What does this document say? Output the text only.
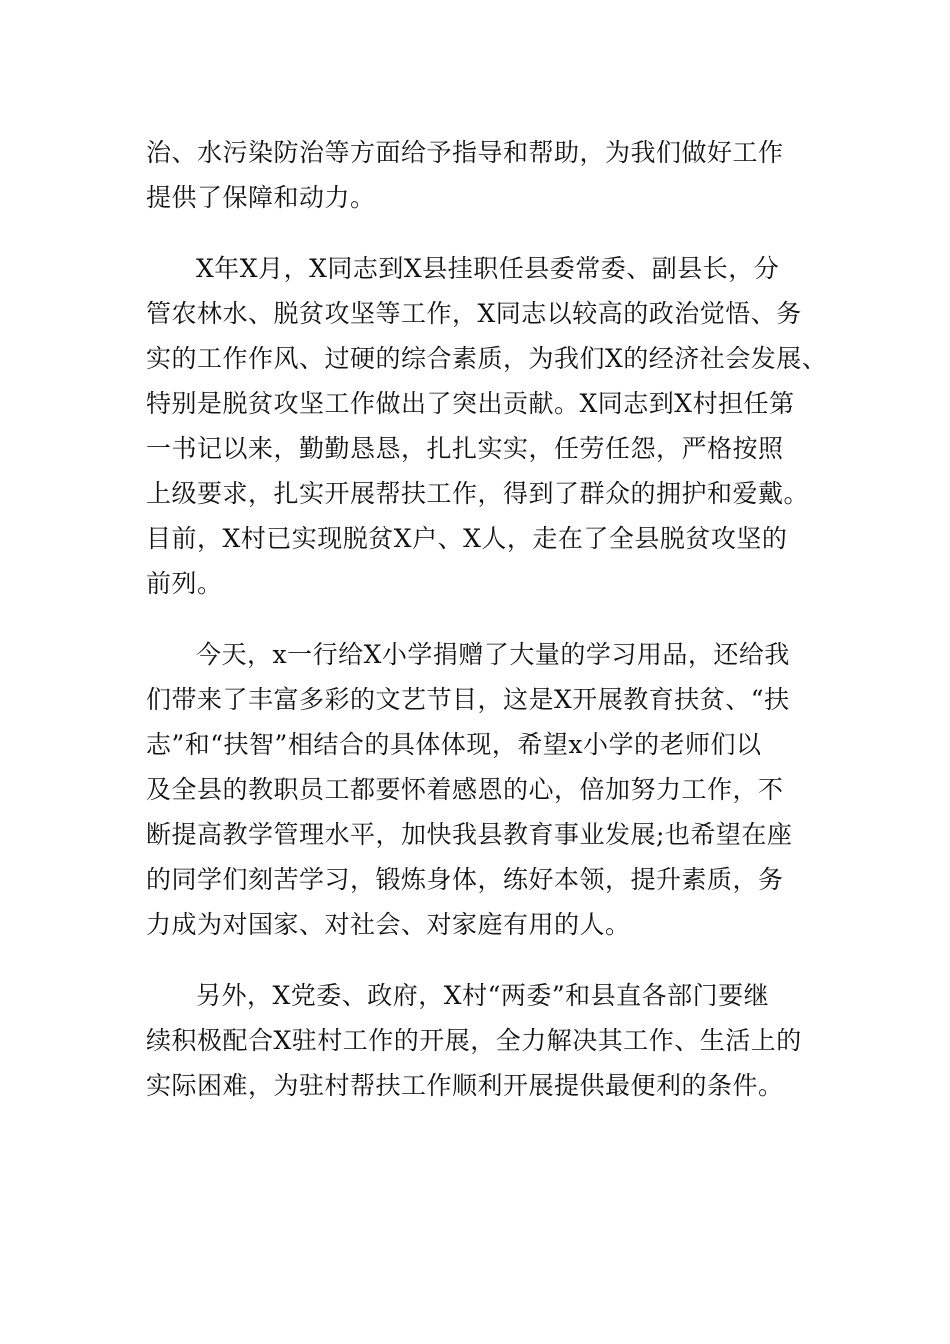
治、水污染防治等方面给予指导和帮助，为我们做好工作
提供了保障和动力。
X年X月，X同志到X县挂职任县委常委、副县长，分
管农林水、脱贫攻坚等工作，X同志以较高的政治觉悟、务
实的工作作风、过硬的综合素质，为我们X的经济社会发展、
特别是脱贫攻坚工作做出了突出贡献。X同志到X村担任第
一书记以来，勤勤恳恳，扎扎实实，任劳任怨，严格按照
上级要求，扎实开展帮扶工作，得到了群众的拥护和爱戴。
目前，X村已实现脱贫X户、X人，走在了全县脱贫攻坚的
前列。
今天，x一行给X小学捐赠了大量的学习用品，还给我
们带来了丰富多彩的文艺节目，这是X开展教育扶贫、“扶
志”和“扶智”相结合的具体体现，希望x小学的老师们以
及全县的教职员工都要怀着感恩的心，倍加努力工作，不
断提高教学管理水平，加快我县教育事业发展;也希望在座
的同学们刻苦学习，锻炼身体，练好本领，提升素质，务
力成为对国家、对社会、对家庭有用的人。
另外，X党委、政府，X村“两委”和县直各部门要继
续积极配合X驻村工作的开展，全力解决其工作、生活上的
实际困难，为驻村帮扶工作顺利开展提供最便利的条件。
